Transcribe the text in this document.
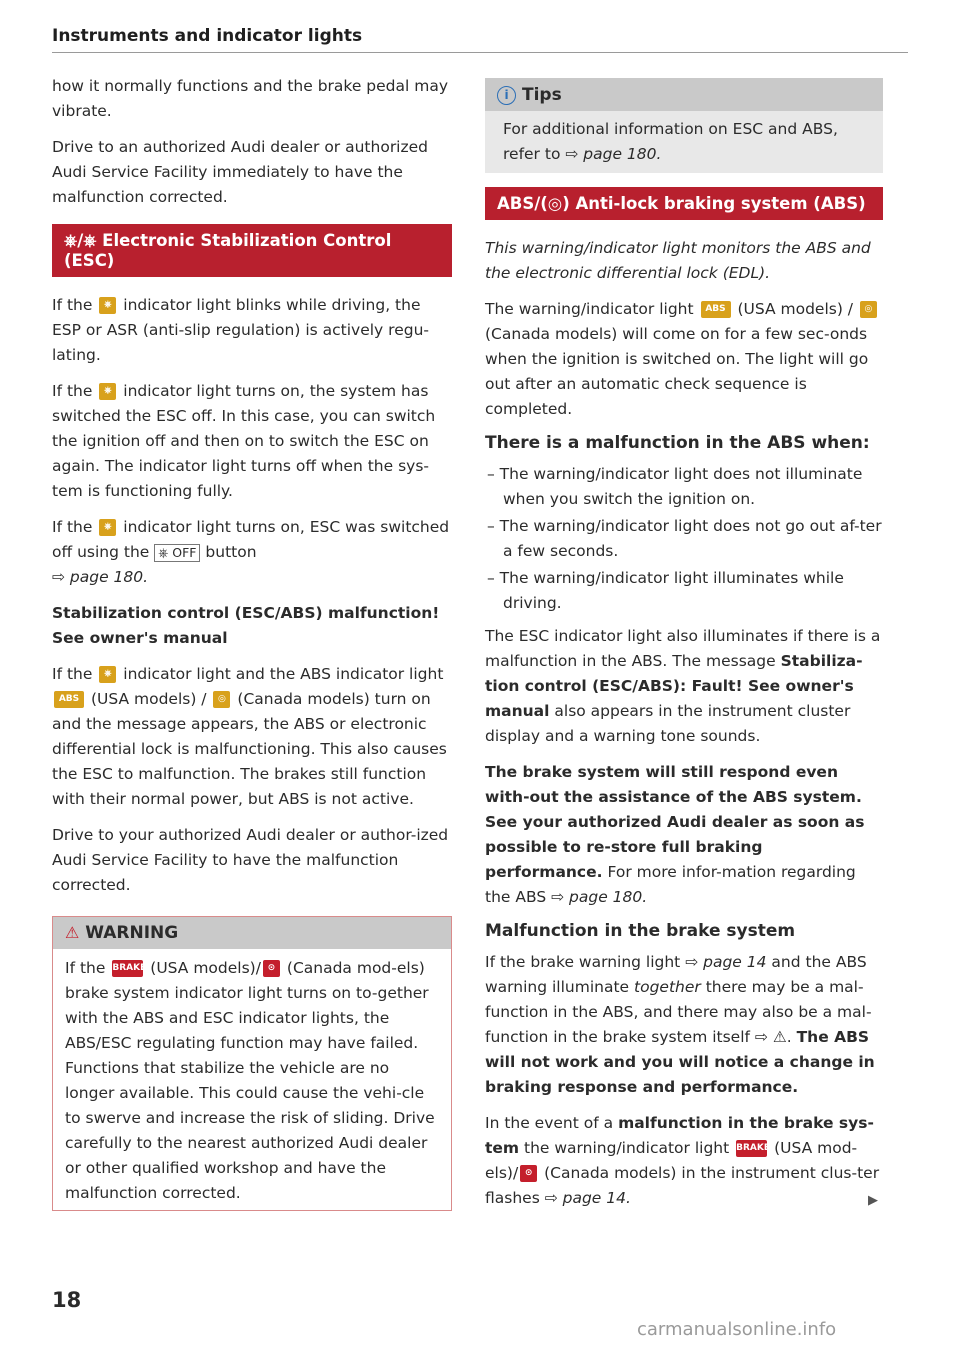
Instruments and indicator lights

how it normally functions and the brake pedal may vibrate.

Drive to an authorized Audi dealer or authorized Audi Service Facility immediately to have the malfunction corrected.

⎈/⎈ Electronic Stabilization Control (ESC)

If the ⎈ indicator light blinks while driving, the ESP or ASR (anti-slip regulation) is actively regu-lating.

If the ⎈ indicator light turns on, the system has switched the ESC off. In this case, you can switch the ignition off and then on to switch the ESC on again. The indicator light turns off when the sys-tem is functioning fully.

If the ⎈ indicator light turns on, ESC was switched off using the ⎈ OFF button
⇨ page 180.

Stabilization control (ESC/ABS) malfunction! See owner's manual

If the ⎈ indicator light and the ABS indicator light ABS (USA models) / ◎ (Canada models) turn on and the message appears, the ABS or electronic differential lock is malfunctioning. This also causes the ESC to malfunction. The brakes still function with their normal power, but ABS is not active.

Drive to your authorized Audi dealer or author-ized Audi Service Facility to have the malfunction corrected.

⚠ WARNING

If the BRAKE (USA models)/ ⊙ (Canada mod-els) brake system indicator light turns on to-gether with the ABS and ESC indicator lights, the ABS/ESC regulating function may have failed. Functions that stabilize the vehicle are no longer available. This could cause the vehi-cle to swerve and increase the risk of sliding. Drive carefully to the nearest authorized Audi dealer or other qualified workshop and have the malfunction corrected.

i Tips

For additional information on ESC and ABS, refer to ⇨ page 180.

ABS/(◎) Anti-lock braking system (ABS)

This warning/indicator light monitors the ABS and the electronic differential lock (EDL).

The warning/indicator light ABS (USA models) / ◎ (Canada models) will come on for a few sec-onds when the ignition is switched on. The light will go out after an automatic check sequence is completed.

There is a malfunction in the ABS when:
– The warning/indicator light does not illuminate when you switch the ignition on.
– The warning/indicator light does not go out af-ter a few seconds.
– The warning/indicator light illuminates while driving.

The ESC indicator light also illuminates if there is a malfunction in the ABS. The message Stabiliza-tion control (ESC/ABS): Fault! See owner's manual also appears in the instrument cluster display and a warning tone sounds.

The brake system will still respond even with-out the assistance of the ABS system. See your authorized Audi dealer as soon as possible to re-store full braking performance. For more infor-mation regarding the ABS ⇨ page 180.

Malfunction in the brake system

If the brake warning light ⇨ page 14 and the ABS warning illuminate together there may be a mal-function in the ABS, and there may also be a mal-function in the brake system itself ⇨ ⚠. The ABS will not work and you will notice a change in braking response and performance.

In the event of a malfunction in the brake sys-tem the warning/indicator light BRAKE (USA mod-els)/ ⊙ (Canada models) in the instrument clus-ter flashes ⇨ page 14.	▶
18
carmanualsonline.info
